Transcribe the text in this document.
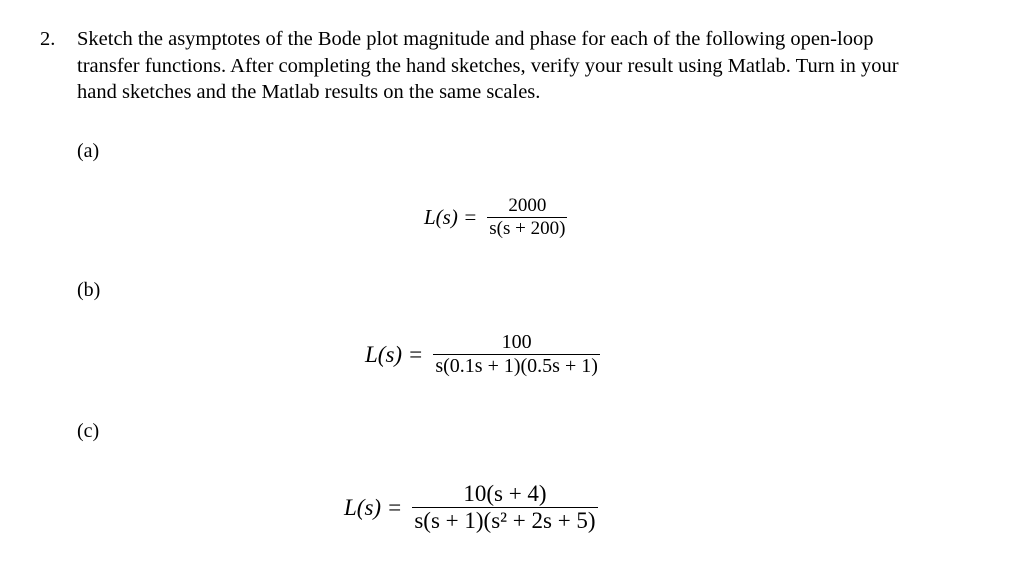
2. Sketch the asymptotes of the Bode plot magnitude and phase for each of the following open-loop transfer functions. After completing the hand sketches, verify your result using Matlab. Turn in your hand sketches and the Matlab results on the same scales.
(a)
$L(s) = \frac{2000}{s(s + 200)}$
(b)
$L(s) = \frac{100}{s(0.1s + 1)(0.5s + 1)}$
(c)
$L(s) = \frac{10(s + 4)}{\text{s(s + 1)(s² + 2s + 5)}}$
